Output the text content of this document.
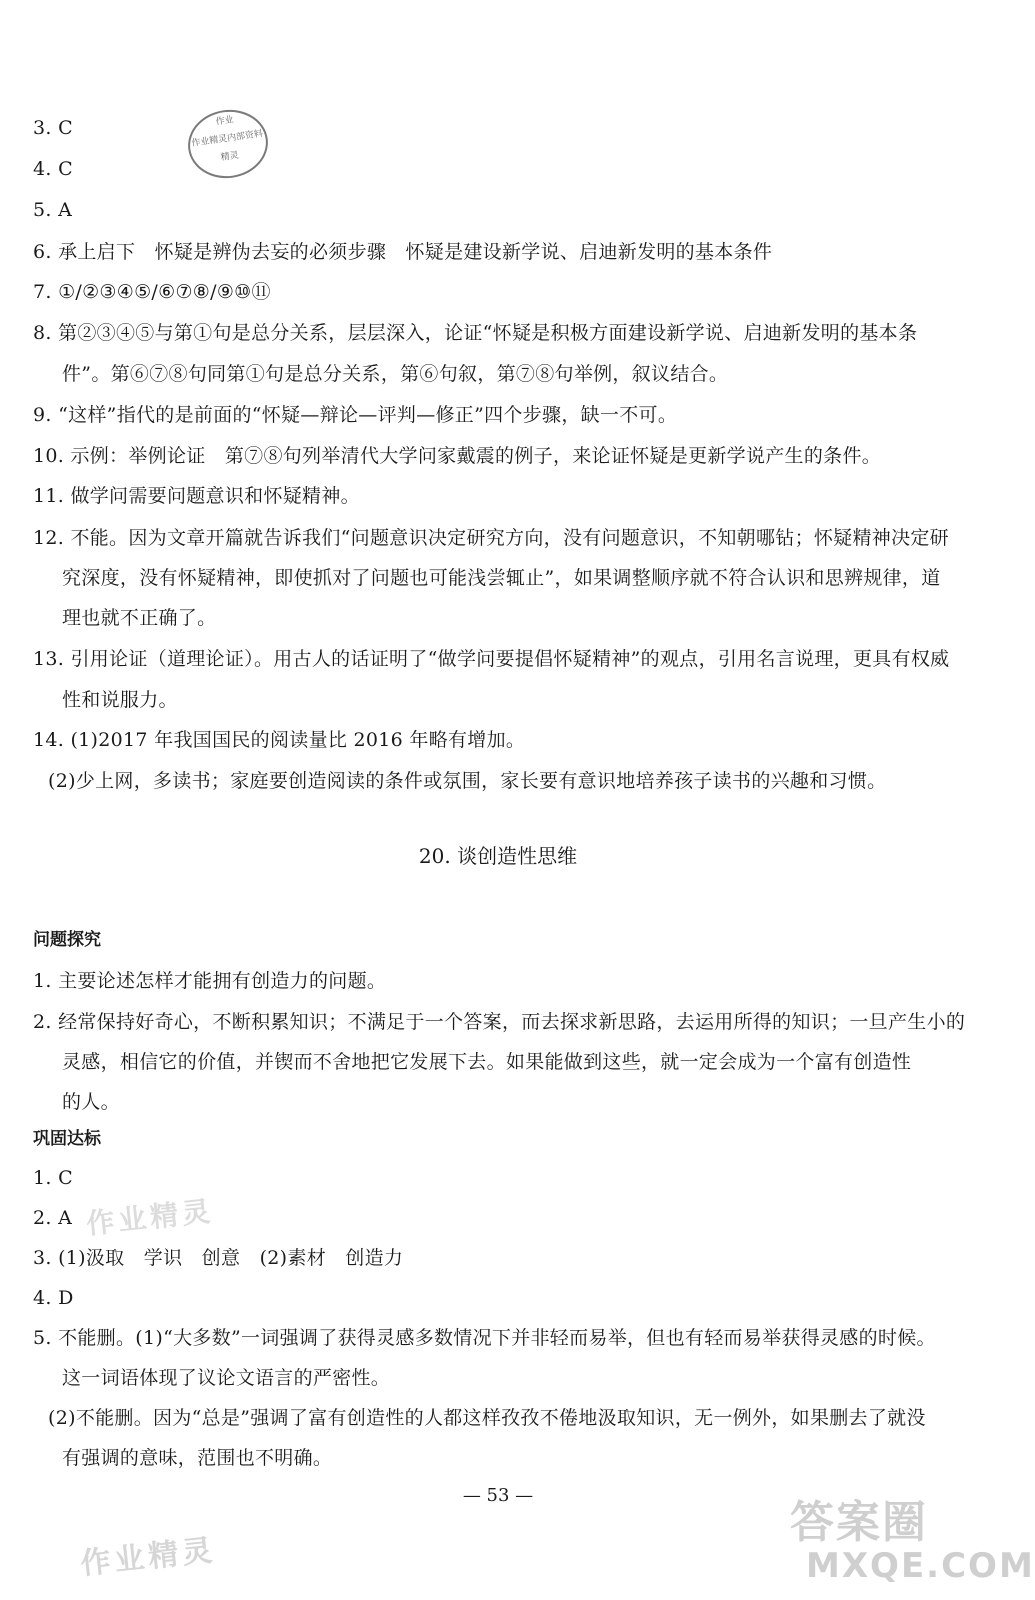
作业
作业精灵内部资料
精灵
3. C
4. C
5. A
6. 承上启下　怀疑是辨伪去妄的必须步骤　怀疑是建设新学说、启迪新发明的基本条件
7. ①/②③④⑤/⑥⑦⑧/⑨⑩⑪
8. 第②③④⑤与第①句是总分关系，层层深入，论证“怀疑是积极方面建设新学说、启迪新发明的基本条
件”。第⑥⑦⑧句同第①句是总分关系，第⑥句叙，第⑦⑧句举例，叙议结合。
9. “这样”指代的是前面的“怀疑—辩论—评判—修正”四个步骤，缺一不可。
10. 示例：举例论证　第⑦⑧句列举清代大学问家戴震的例子，来论证怀疑是更新学说产生的条件。
11. 做学问需要问题意识和怀疑精神。
12. 不能。因为文章开篇就告诉我们“问题意识决定研究方向，没有问题意识，不知朝哪钻；怀疑精神决定研
究深度，没有怀疑精神，即使抓对了问题也可能浅尝辄止”，如果调整顺序就不符合认识和思辨规律，道
理也就不正确了。
13. 引用论证（道理论证）。用古人的话证明了“做学问要提倡怀疑精神”的观点，引用名言说理，更具有权威
性和说服力。
14. (1)2017 年我国国民的阅读量比 2016 年略有增加。
(2)少上网，多读书；家庭要创造阅读的条件或氛围，家长要有意识地培养孩子读书的兴趣和习惯。
20. 谈创造性思维
问题探究
1. 主要论述怎样才能拥有创造力的问题。
2. 经常保持好奇心，不断积累知识；不满足于一个答案，而去探求新思路，去运用所得的知识；一旦产生小的
灵感，相信它的价值，并锲而不舍地把它发展下去。如果能做到这些，就一定会成为一个富有创造性
的人。
巩固达标
1. C
2. A
3. (1)汲取　学识　创意　(2)素材　创造力
4. D
5. 不能删。(1)“大多数”一词强调了获得灵感多数情况下并非轻而易举，但也有轻而易举获得灵感的时候。
这一词语体现了议论文语言的严密性。
(2)不能删。因为“总是”强调了富有创造性的人都这样孜孜不倦地汲取知识，无一例外，如果删去了就没
有强调的意味，范围也不明确。
— 53 —
作业精灵
作业精灵
答案圈
MXQE.COM
